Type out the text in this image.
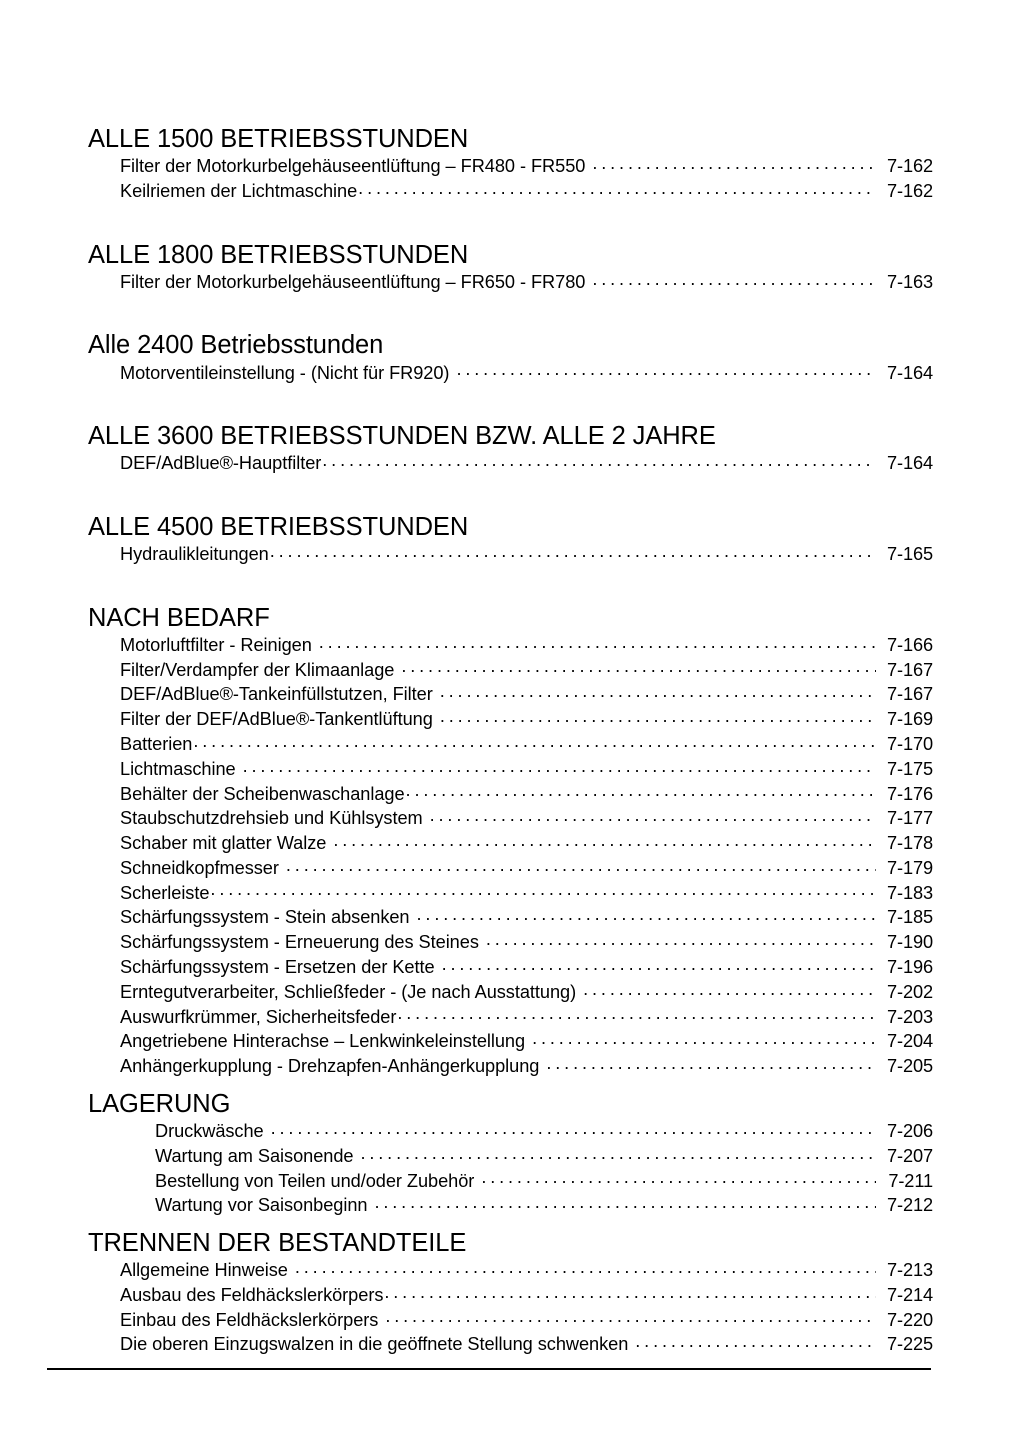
ALLE 1500 BETRIEBSSTUNDEN
Filter der Motorkurbelgehäuseentlüftung – FR480 - FR550 . . .	7-162
Keilriemen der Lichtmaschine . . .	7-162
ALLE 1800 BETRIEBSSTUNDEN
Filter der Motorkurbelgehäuseentlüftung – FR650 - FR780 . . .	7-163
Alle 2400 Betriebsstunden
Motorventileinstellung - (Nicht für FR920) . . .	7-164
ALLE 3600 BETRIEBSSTUNDEN BZW. ALLE 2 JAHRE
DEF/AdBlue®-Hauptfilter . . .	7-164
ALLE 4500 BETRIEBSSTUNDEN
Hydraulikleitungen . . .	7-165
NACH BEDARF
Motorluftfilter - Reinigen . . .	7-166
Filter/Verdampfer der Klimaanlage . . .	7-167
DEF/AdBlue®-Tankeinfüllstutzen, Filter . . .	7-167
Filter der DEF/AdBlue®-Tankentlüftung . . .	7-169
Batterien . . .	7-170
Lichtmaschine . . .	7-175
Behälter der Scheibenwaschanlage . . .	7-176
Staubschutzdrehsieb und Kühlsystem . . .	7-177
Schaber mit glatter Walze . . .	7-178
Schneidkopfmesser . . .	7-179
Scherleiste . . .	7-183
Schärfungssystem - Stein absenken . . .	7-185
Schärfungssystem - Erneuerung des Steines . . .	7-190
Schärfungssystem - Ersetzen der Kette . . .	7-196
Erntegutverarbeiter, Schließfeder - (Je nach Ausstattung) . . .	7-202
Auswurfkrümmer, Sicherheitsfeder . . .	7-203
Angetriebene Hinterachse – Lenkwinkeleinstellung . . .	7-204
Anhängerkupplung - Drehzapfen-Anhängerkupplung . . .	7-205
LAGERUNG
Druckwäsche . . .	7-206
Wartung am Saisonende . . .	7-207
Bestellung von Teilen und/oder Zubehör . . .	7-211
Wartung vor Saisonbeginn . . .	7-212
TRENNEN DER BESTANDTEILE
Allgemeine Hinweise . . .	7-213
Ausbau des Feldhäckslerkörpers . . .	7-214
Einbau des Feldhäckslerkörpers . . .	7-220
Die oberen Einzugswalzen in die geöffnete Stellung schwenken . . .	7-225
